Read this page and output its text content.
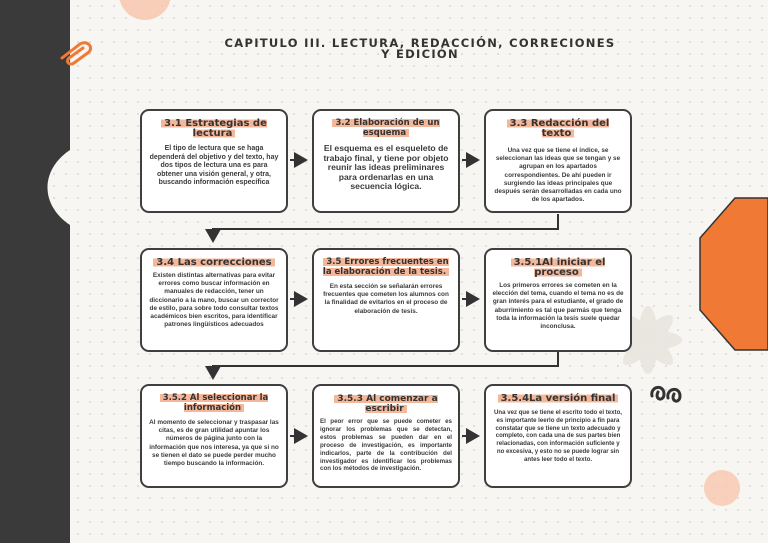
CAPITULO III. LECTURA, REDACCIÓN, CORRECIONES Y EDICIÓN
3.1 Estrategias de lectura

El tipo de lectura que se haga dependerá del objetivo y del texto, hay dos tipos de lectura una es para obtener una visión general, y otra, buscando información específica

3.2 Elaboración de un esquema

El esquema es el esqueleto de trabajo final, y tiene por objeto reunir las ideas preliminares para ordenarlas en una secuencia lógica.

3.3 Redacción del texto

Una vez que se tiene el índice, se seleccionan las ideas que se tengan y se agrupan en los apartados correspondientes. De ahí pueden ir surgiendo las ideas principales que después serán desarrolladas en cada uno de los apartados.

3.4 Las correcciones

Existen distintas alternativas para evitar errores como buscar información en manuales de redacción, tener un diccionario a la mano, buscar un corrector de estilo, para sobre todo consultar textos académicos bien escritos, para identificar patrones lingüísticos adecuados

3.5 Errores frecuentes en la elaboración de la tesis.

En esta sección se señalarán errores frecuentes que cometen los alumnos con la finalidad de evitarlos en el proceso de elaboración de tesis.

3.5.1Al iniciar el proceso

Los primeros errores se cometen en la elección del tema, cuando el tema no es de gran interés para el estudiante, el grado de aburrimiento es tal que parmás que tenga toda la información la tesis suele quedar inconclusa.

3.5.2 Al seleccionar la información

Al momento de seleccionar y traspasar las citas, es de gran utilidad apuntar los números de página junto con la información que nos interesa, ya que si no se tienen el dato se puede perder mucho tiempo buscando la información.

3.5.3 Al comenzar a escribir

El peor error que se puede cometer es ignorar los problemas que se detectan, estos problemas se pueden dar en el proceso de investigación, es importante indicarlos, parte de la contribución del investigador es identificar los problemas con los métodos de investigación.

3.5.4La versión final

Una vez que se tiene el escrito todo el texto, es importante leerlo de principio a fin para constatar que se tiene un texto adecuado y completo, con cada una de sus partes bien relacionadas, con información suficiente y no excesiva, y esto no se puede lograr sin antes leer todo el texto.
